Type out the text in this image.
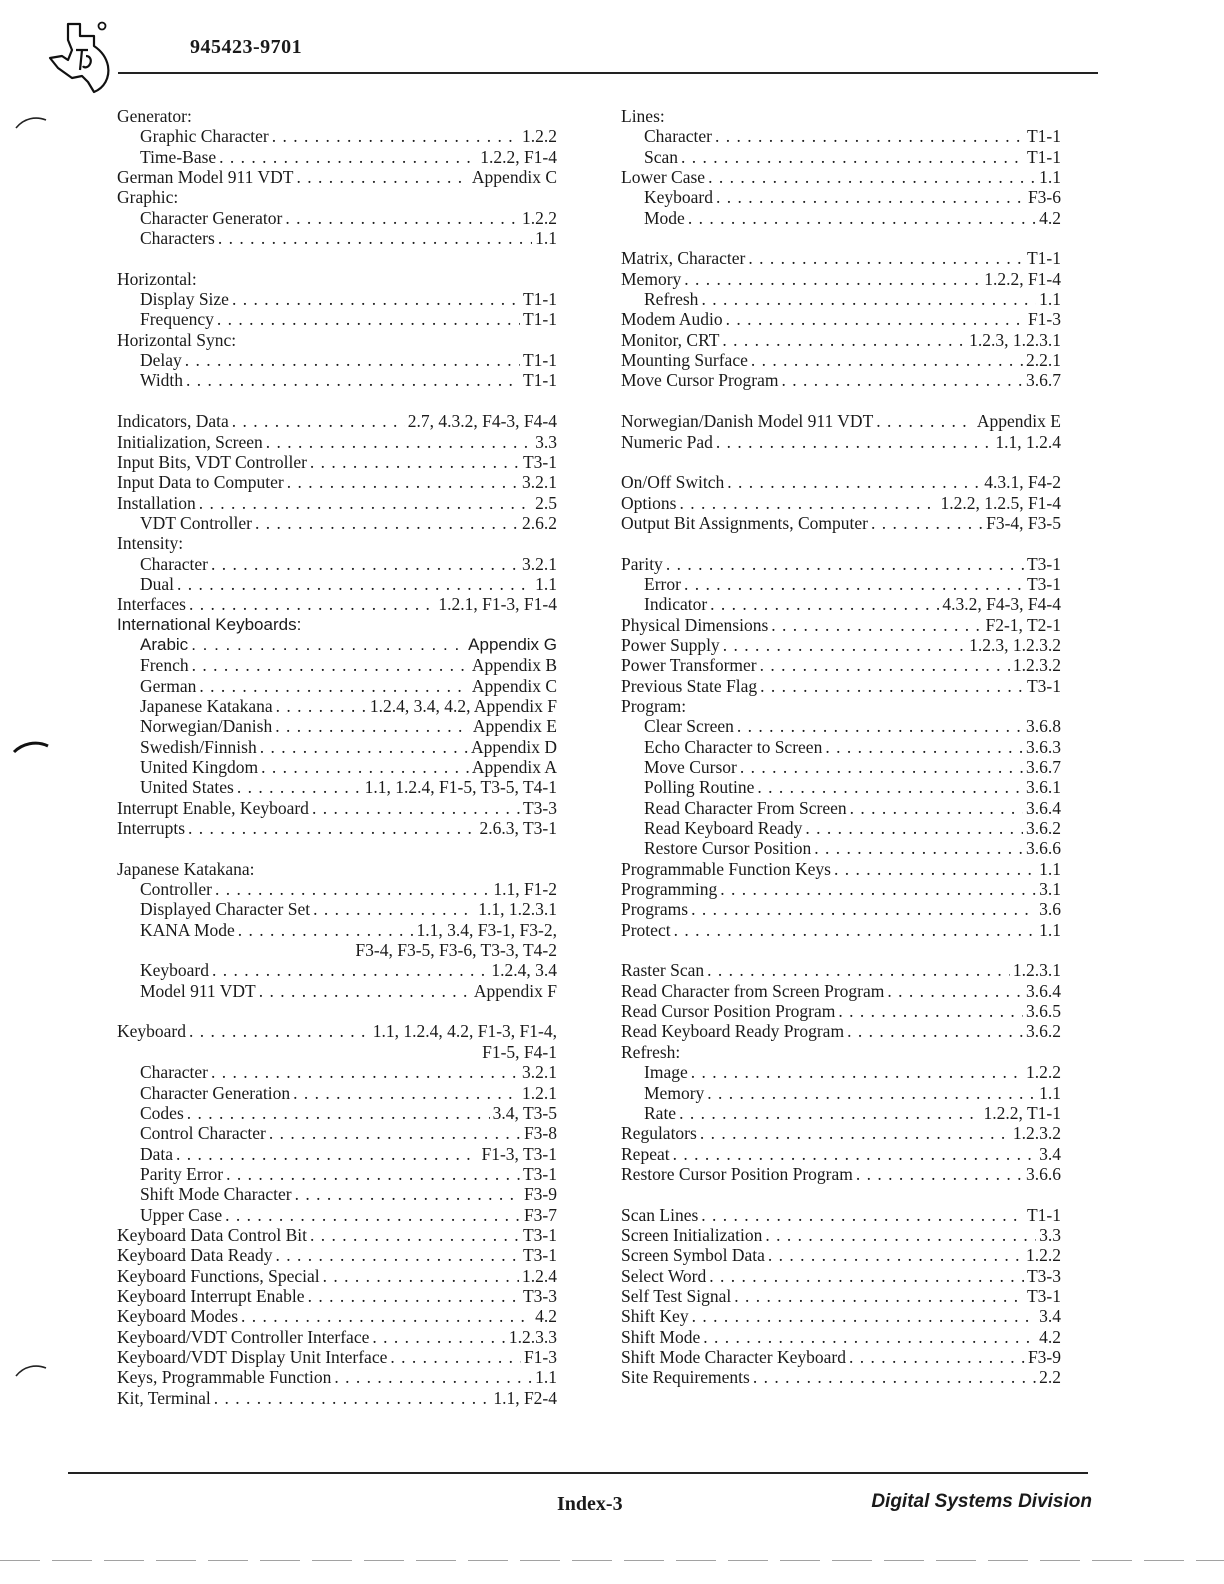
945423-9701
Generator:
Graphic Character . . .	1.2.2
Time-Base . . .	1.2.2, F1-4
German Model 911 VDT . . .	Appendix C
Graphic:
Character Generator . . .	1.2.2
Characters . . .	1.1
Horizontal:
Display Size . . .	T1-1
Frequency . . .	T1-1
Horizontal Sync:
Delay . . .	T1-1
Width . . .	T1-1
Indicators, Data . . .	2.7, 4.3.2, F4-3, F4-4
Initialization, Screen . . .	3.3
Input Bits, VDT Controller . . .	T3-1
Input Data to Computer . . .	3.2.1
Installation . . .	2.5
VDT Controller . . .	2.6.2
Intensity:
Character . . .	3.2.1
Dual . . .	1.1
Interfaces . . .	1.2.1, F1-3, F1-4
International Keyboards:
Arabic . . .	Appendix G
French . . .	Appendix B
German . . .	Appendix C
Japanese Katakana . . .	1.2.4, 3.4, 4.2, Appendix F
Norwegian/Danish . . .	Appendix E
Swedish/Finnish . . .	Appendix D
United Kingdom . . .	Appendix A
United States . . .	1.1, 1.2.4, F1-5, T3-5, T4-1
Interrupt Enable, Keyboard . . .	T3-3
Interrupts . . .	2.6.3, T3-1
Japanese Katakana:
Controller . . .	1.1, F1-2
Displayed Character Set . . .	1.1, 1.2.3.1
KANA Mode . . .	1.1, 3.4, F3-1, F3-2,
F3-4, F3-5, F3-6, T3-3, T4-2
Keyboard . . .	1.2.4, 3.4
Model 911 VDT . . .	Appendix F
Keyboard . . .	1.1, 1.2.4, 4.2, F1-3, F1-4,
F1-5, F4-1
Character . . .	3.2.1
Character Generation . . .	1.2.1
Codes . . .	3.4, T3-5
Control Character . . .	F3-8
Data . . .	F1-3, T3-1
Parity Error . . .	T3-1
Shift Mode Character . . .	F3-9
Upper Case . . .	F3-7
Keyboard Data Control Bit . . .	T3-1
Keyboard Data Ready . . .	T3-1
Keyboard Functions, Special . . .	1.2.4
Keyboard Interrupt Enable . . .	T3-3
Keyboard Modes . . .	4.2
Keyboard/VDT Controller Interface . . .	1.2.3.3
Keyboard/VDT Display Unit Interface . . .	F1-3
Keys, Programmable Function . . .	1.1
Kit, Terminal . . .	1.1, F2-4
Lines:
Character . . .	T1-1
Scan . . .	T1-1
Lower Case . . .	1.1
Keyboard . . .	F3-6
Mode . . .	4.2
Matrix, Character . . .	T1-1
Memory . . .	1.2.2, F1-4
Refresh . . .	1.1
Modem Audio . . .	F1-3
Monitor, CRT . . .	1.2.3, 1.2.3.1
Mounting Surface . . .	2.2.1
Move Cursor Program . . .	3.6.7
Norwegian/Danish Model 911 VDT . . .	Appendix E
Numeric Pad . . .	1.1, 1.2.4
On/Off Switch . . .	4.3.1, F4-2
Options . . .	1.2.2, 1.2.5, F1-4
Output Bit Assignments, Computer . . .	F3-4, F3-5
Parity . . .	T3-1
Error . . .	T3-1
Indicator . . .	4.3.2, F4-3, F4-4
Physical Dimensions . . .	F2-1, T2-1
Power Supply . . .	1.2.3, 1.2.3.2
Power Transformer . . .	1.2.3.2
Previous State Flag . . .	T3-1
Program:
Clear Screen . . .	3.6.8
Echo Character to Screen . . .	3.6.3
Move Cursor . . .	3.6.7
Polling Routine . . .	3.6.1
Read Character From Screen . . .	3.6.4
Read Keyboard Ready . . .	3.6.2
Restore Cursor Position . . .	3.6.6
Programmable Function Keys . . .	1.1
Programming . . .	3.1
Programs . . .	3.6
Protect . . .	1.1
Raster Scan . . .	1.2.3.1
Read Character from Screen Program . . .	3.6.4
Read Cursor Position Program . . .	3.6.5
Read Keyboard Ready Program . . .	3.6.2
Refresh:
Image . . .	1.2.2
Memory . . .	1.1
Rate . . .	1.2.2, T1-1
Regulators . . .	1.2.3.2
Repeat . . .	3.4
Restore Cursor Position Program . . .	3.6.6
Scan Lines . . .	T1-1
Screen Initialization . . .	3.3
Screen Symbol Data . . .	1.2.2
Select Word . . .	T3-3
Self Test Signal . . .	T3-1
Shift Key . . .	3.4
Shift Mode . . .	4.2
Shift Mode Character Keyboard . . .	F3-9
Site Requirements . . .	2.2
Index-3	Digital Systems Division
